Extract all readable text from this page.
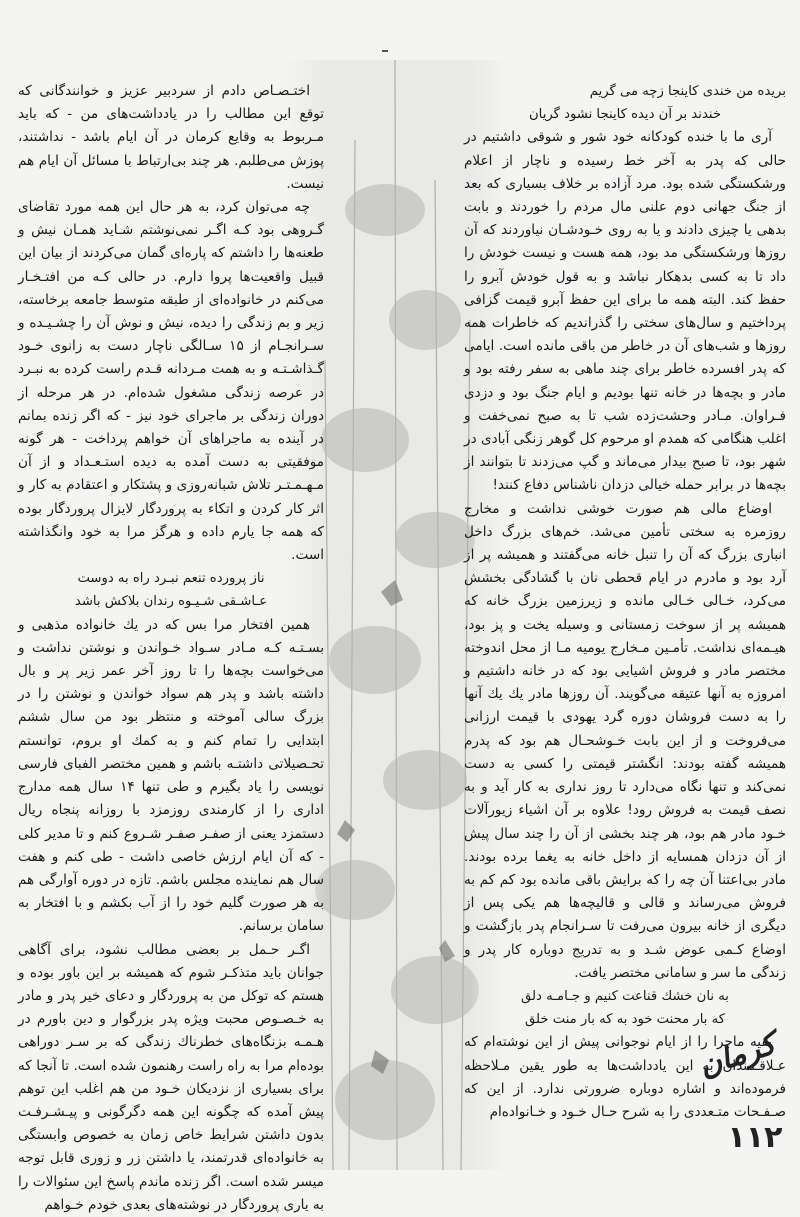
بریده من خندی کاینجا زچه می گریم

خندند بر آن دیده کاینجا نشود گریان

آری ما با خنده کودکانه خود شور و شوقی داشتیم در حالی که پدر به آخر خط رسیده و ناچار از اعلام ورشکستگی شده بود. مرد آزاده بر خلاف بسیاری که بعد از جنگ جهانی دوم علنی مال مردم را خوردند و بابت بدهی یا چیزی دادند و یا به روی خـودشـان نیاوردند که آن روزها ورشکستگی مد بود، همه هست و نیست خودش را داد تا به کسی بدهکار نباشد و به قول خودش آبرو را حفظ کند. البته همه ما برای این حفظ آبرو قیمت گزافی پرداختیم و سال‌های سختی را گذراندیم که خاطرات همه روزها و شب‌های آن در خاطر من باقی مانده است. ایامی که پدر افسرده خاطر برای چند ماهی به سفر رفته بود و مادر و بچه‌ها در خانه تنها بودیم و ایام جنگ بود و دزدی فـراوان. مـادر وحشت‌زده شب تا به صبح نمی‌خفت و اغلب هنگامی که همدم او مرحوم کل گوهر زنگی آبادی در شهر بود، تا صبح بیدار می‌ماند و گپ می‌زدند تا بتوانند از بچه‌ها در برابر حمله خیالی دزدان ناشناس دفاع کنند!

اوضاع مالی هم صورت خوشی نداشت و مخارج روزمره به سختی تأمین می‌شد. خم‌های بزرگ داخل انباری بزرگ که آن را تنبل خانه می‌گفتند و همیشه پر از آرد بود و مادرم در ایام قحطی نان با گشادگی بخشش می‌کرد، خـالی خـالی مانده و زیرزمین بزرگ خانه که همیشه پر از سوخت زمستانی و وسیله یخت و پز بود، هیـمه‌ای نداشت. تأمـین مـخارج یومیه مـا از محل اندوخته مختصر مادر و فروش اشیایی بود که در خانه داشتیم و امروزه به آنها عتیقه می‌گویند. آن روزها مادر یك یك آنها را به دست فروشان دوره گرد یهودی با قیمت ارزانی می‌فروخت و از این بابت خـوشحـال هم بود که پدرم همیشه گفته بودند: انگشتر قیمتی را کسی به دست نمی‌کند و تنها نگاه می‌دارد تا روز نداری به کار آید و به نصف قیمت به فروش رود! علاوه بر آن اشیاء زیورآلات خـود مادر هم بود، هر چند بخشی از آن را چند سال پیش از آن دزدان همسایه از داخل خانه به یغما برده بودند. مادر بی‌اعتنا آن چه را که برایش باقی مانده بود کم کم به فروش می‌رساند و قالی و قالیچه‌ها هم یکی پس از دیگری از خانه بیرون می‌رفت تا سـرانجام پدر بازگشت و اوضاع کـمی عوض شـد و به تدریج دوباره کار پدر و زندگی ما سر و سامانی مختصر یافت.

به نان خشك قناعت کنیم و جـامـه دلق

که بار محنت خود به که بار منت خلق

بقیه ماجرا را از ایام نوجوانی پیش از این نوشته‌ام که عـلاقـمندان به این یادداشت‌ها به طور یقین مـلاحظه فرموده‌اند و اشاره دوباره ضرورتی ندارد. از این که صـفـحات متـعددی را به شرح حـال خـود و خـانواده‌ام

اختـصـاص دادم از سردبیر عزیز و خوانندگانی که توقع این مطالب را در یادداشت‌های من - که باید مـربوط به وقایع کرمان در آن ایام باشد - نداشتند، پوزش می‌طلبم. هر چند بی‌ارتباط با مسائل آن ایام هم نیست.

چه می‌توان کرد، به هر حال این همه مورد تقاضای گـروهی بود کـه اگـر نمی‌نوشتم شـاید همـان نیش و طعنه‌ها را داشتم که پاره‌ای گمان می‌کردند از بیان این قبیل واقعیت‌ها پروا دارم. در حالی کـه من افتـخـار می‌کنم در خانواده‌ای از طبقه متوسط جامعه برخاسته، زیر و بم زندگی را دیده، نیش و نوش آن را چشـیـده و سـرانجـام از ۱۵ سـالگی ناچار دست به زانوی خـود گـذاشـتـه و به همت مـردانه قـدم راست کرده به نبـرد در عرصه زندگی مشغول شده‌ام. در هر مرحله از دوران زندگی بر ماجرای خود نیز - که اگر زنده بمانم در آینده به ماجراهای آن خواهم پرداخت - هر گونه موفقیتی به دست آمده به دیده استـعـداد و از آن مـهـمـتـر تلاش شبانه‌روزی و پشتکار و اعتقادم به کار و اثر کار کردن و اتکاء به پروردگار لایزال پروردگار بوده که همه جا یارم داده و هرگز مرا به خود وانگذاشته است.

ناز پرورده تنعم نبـرد راه به دوست

عـاشـقی شـیـوه رندان بلاکش باشد

همین افتخار مرا بس که در یك خانواده مذهبی و بسـتـه کـه مـادر سـواد خـواندن و نوشتن نداشت و می‌خواست بچه‌ها را تا روز آخر عمر زیر پر و بال داشته باشد و پدر هم سواد خواندن و نوشتن را در بزرگ سالی آموخته و منتظر بود من سال ششم ابتدایی را تمام کنم و به کمك او بروم، توانستم تحـصیلاتی داشتـه باشم و همین مختصر الفبای فارسی نویسی را یاد بگیرم و طی تنها ۱۴ سال همه مدارج اداری را از کارمندی روزمزد با روزانه پنجاه ریال دستمزد یعنی از صفـر صفـر شـروع کنم و تا مدیر کلی - که آن ایام ارزش خاصی داشت - طی کنم و هفت سال هم نماینده مجلس باشم. تازه در دوره آوارگی هم به هر صورت گلیم خود را از آب بکشم و با افتخار به سامان برسانم.

اگـر حـمل بر بعضی مطالب نشود، برای آگاهی جوانان باید متذکـر شوم که همیشه بر این باور بوده و هستم که توکل من به پروردگار و دعای خیر پدر و مادر به خـصـوص محبت ویژه پدر بزرگوار و دین باورم در هـمـه بزنگاه‌های خطرناك زندگی که بر سـر دوراهی بوده‌ام مرا به راه راست رهنمون شده است. تا آنجا که برای بسیاری از نزدیکان خـود من هم اغلب این توهم پیش آمده که چگونه این همه دگرگونی و پیـشـرفـت بدون داشتن شرایط خاص زمان به خصوص وابستگی به خانواده‌ای قدرتمند، یا داشتن زر و زوری قابل توجه میسر شده است. اگر زنده ماندم پاسخ این سئوالات را به یاری پروردگار در نوشته‌های بعدی خودم خـواهم

کرمان
۱۱۲
